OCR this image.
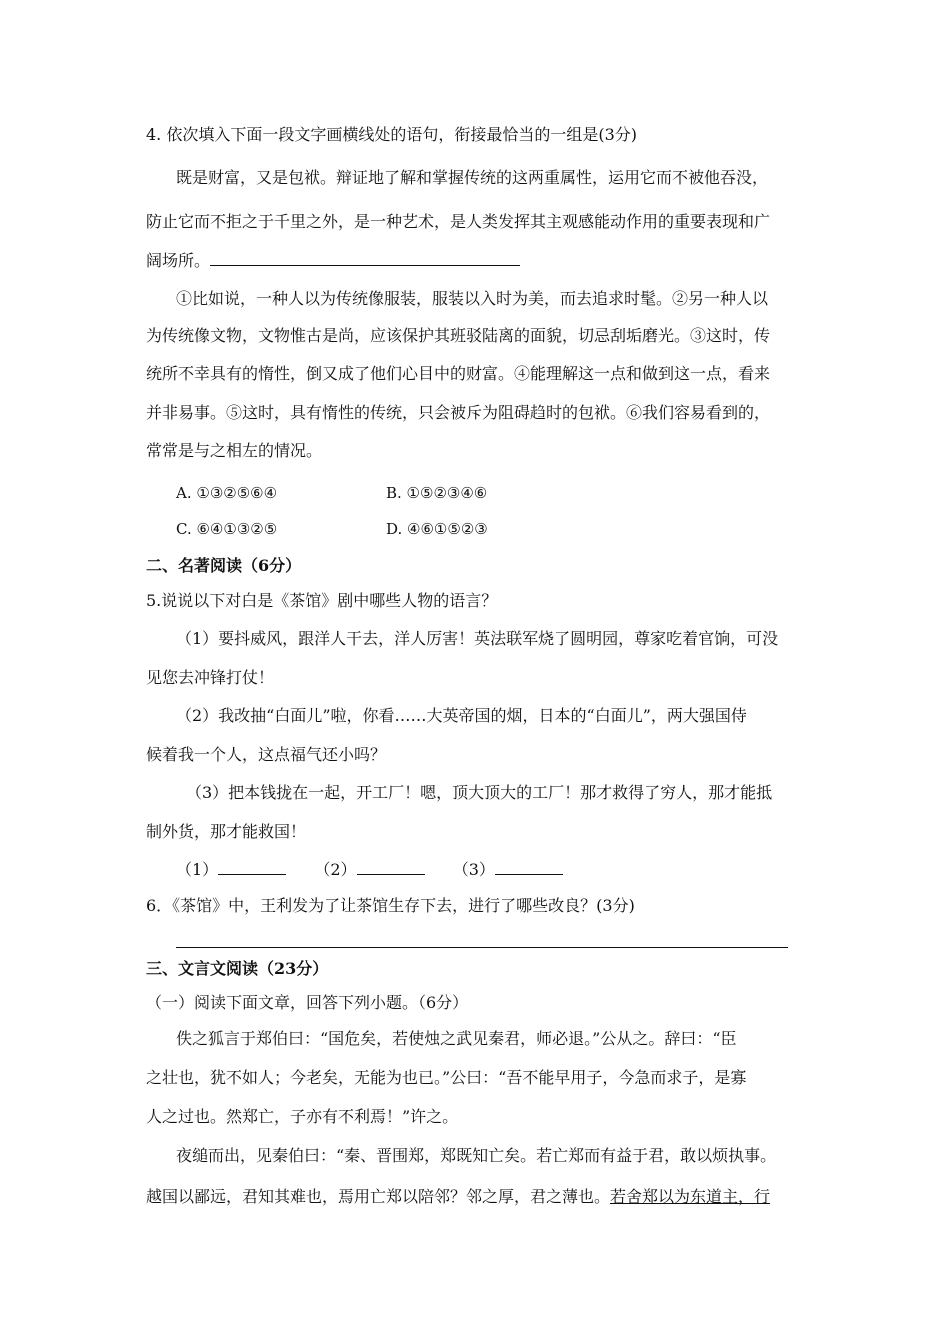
4. 依次填入下面一段文字画横线处的语句，衔接最恰当的一组是(3分)
既是财富，又是包袱。辩证地了解和掌握传统的这两重属性，运用它而不被他吞没，
防止它而不拒之于千里之外，是一种艺术，是人类发挥其主观感能动作用的重要表现和广
阔场所。
①比如说，一种人以为传统像服装，服装以入时为美，而去追求时髦。②另一种人以
为传统像文物，文物惟古是尚，应该保护其班驳陆离的面貌，切忌刮垢磨光。③这时，传
统所不幸具有的惰性，倒又成了他们心目中的财富。④能理解这一点和做到这一点，看来
并非易事。⑤这时，具有惰性的传统，只会被斥为阻碍趋时的包袱。⑥我们容易看到的，
常常是与之相左的情况。
A. ①③②⑤⑥④	B. ①⑤②③④⑥
C. ⑥④①③②⑤	D. ④⑥①⑤②③
二、名著阅读（6分）
5.说说以下对白是《茶馆》剧中哪些人物的语言？
（1）要抖威风，跟洋人干去，洋人厉害！英法联军烧了圆明园，尊家吃着官饷，可没
见您去冲锋打仗！
（2）我改抽“白面儿”啦，你看……大英帝国的烟，日本的“白面儿”，两大强国侍
候着我一个人，这点福气还小吗？
（3）把本钱拢在一起，开工厂！嗯，顶大顶大的工厂！那才救得了穷人，那才能抵
制外货，那才能救国！
（1）	（2）	（3）
6．《茶馆》中，王利发为了让茶馆生存下去，进行了哪些改良？(3分)
三、文言文阅读（23分）
（一）阅读下面文章，回答下列小题。（6分）
佚之狐言于郑伯曰：“国危矣，若使烛之武见秦君，师必退。”公从之。辞曰：“臣
之壮也，犹不如人；今老矣，无能为也已。”公曰：“吾不能早用子，今急而求子，是寡
人之过也。然郑亡，子亦有不利焉！”许之。
夜缒而出，见秦伯曰：“秦、晋围郑，郑既知亡矣。若亡郑而有益于君，敢以烦执事。
越国以鄙远，君知其难也，焉用亡郑以陪邻？邻之厚，君之薄也。若舍郑以为东道主，行
